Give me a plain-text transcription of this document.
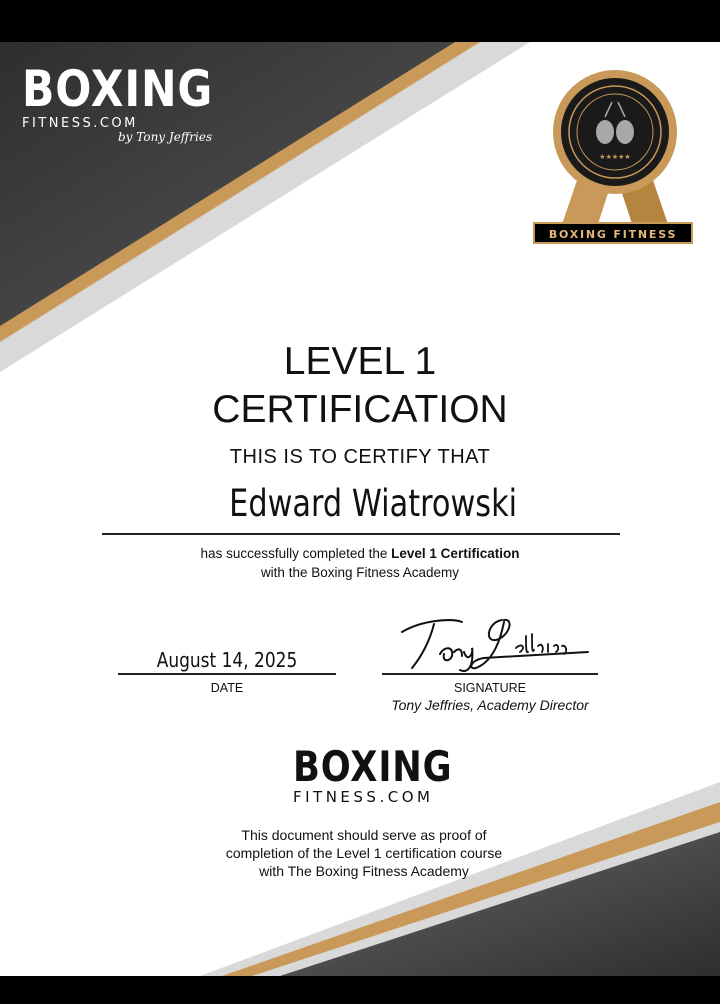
BOXING
FITNESS.COM
by Tony Jeffries
★★★★★
BOXING FITNESS
LEVEL 1
CERTIFICATION
THIS IS TO CERTIFY THAT
Edward Wiatrowski
has successfully completed the Level 1 Certification
with the Boxing Fitness Academy
August 14, 2025
DATE	SIGNATURE
Tony Jeffries, Academy Director
BOXING
FITNESS.COM
This document should serve as proof of
completion of the Level 1 certification course
with The Boxing Fitness Academy
